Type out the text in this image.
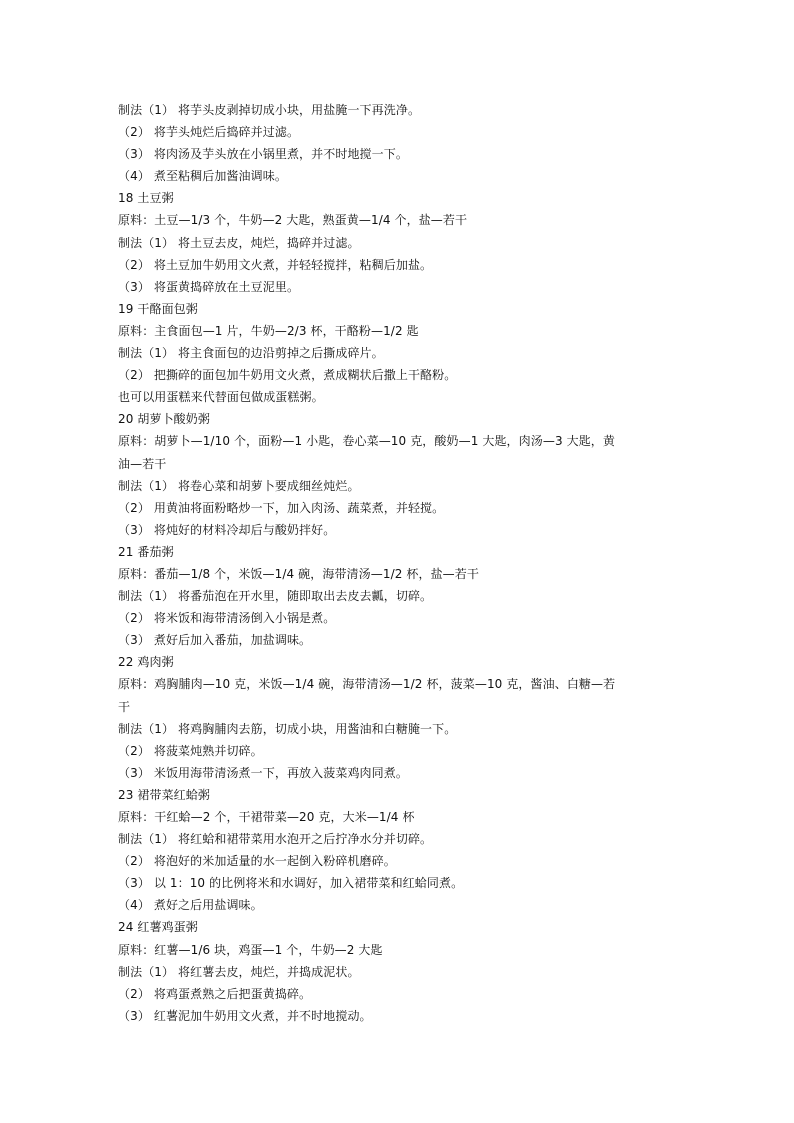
制法（1） 将芋头皮剥掉切成小块，用盐腌一下再洗净。

（2） 将芋头炖烂后捣碎并过滤。

（3） 将肉汤及芋头放在小锅里煮，并不时地搅一下。

（4） 煮至粘稠后加酱油调味。

18 土豆粥

原料：土豆—1/3 个，牛奶—2 大匙，熟蛋黄—1/4 个，盐—若干

制法（1） 将土豆去皮，炖烂，捣碎并过滤。

（2） 将土豆加牛奶用文火煮，并轻轻搅拌，粘稠后加盐。

（3） 将蛋黄捣碎放在土豆泥里。

19 干酪面包粥

原料：主食面包—1 片，牛奶—2/3 杯，干酪粉—1/2 匙

制法（1） 将主食面包的边沿剪掉之后撕成碎片。

（2） 把撕碎的面包加牛奶用文火煮，煮成糊状后撒上干酪粉。

也可以用蛋糕来代替面包做成蛋糕粥。

20 胡萝卜酸奶粥

原料：胡萝卜—1/10 个，面粉—1 小匙，卷心菜—10 克，酸奶—1 大匙，肉汤—3 大匙，黄

油—若干

制法（1） 将卷心菜和胡萝卜要成细丝炖烂。

（2） 用黄油将面粉略炒一下，加入肉汤、蔬菜煮，并轻搅。

（3） 将炖好的材料冷却后与酸奶拌好。

21 番茄粥

原料：番茄—1/8 个，米饭—1/4 碗，海带清汤—1/2 杯，盐—若干

制法（1） 将番茄泡在开水里，随即取出去皮去瓤，切碎。

（2） 将米饭和海带清汤倒入小锅是煮。

（3） 煮好后加入番茄，加盐调味。

22 鸡肉粥

原料：鸡胸脯肉—10 克，米饭—1/4 碗，海带清汤—1/2 杯，菠菜—10 克，酱油、白糖—若

干

制法（1） 将鸡胸脯肉去筋，切成小块，用酱油和白糖腌一下。

（2） 将菠菜炖熟并切碎。

（3） 米饭用海带清汤煮一下，再放入菠菜鸡肉同煮。

23 裙带菜红蛤粥

原料：干红蛤—2 个，干裙带菜—20 克，大米—1/4 杯

制法（1） 将红蛤和裙带菜用水泡开之后拧净水分并切碎。

（2） 将泡好的米加适量的水一起倒入粉碎机磨碎。

（3） 以 1：10 的比例将米和水调好，加入裙带菜和红蛤同煮。

（4） 煮好之后用盐调味。

24 红薯鸡蛋粥

原料：红薯—1/6 块，鸡蛋—1 个，牛奶—2 大匙

制法（1） 将红薯去皮，炖烂，并捣成泥状。

（2） 将鸡蛋煮熟之后把蛋黄捣碎。

（3） 红薯泥加牛奶用文火煮，并不时地搅动。
